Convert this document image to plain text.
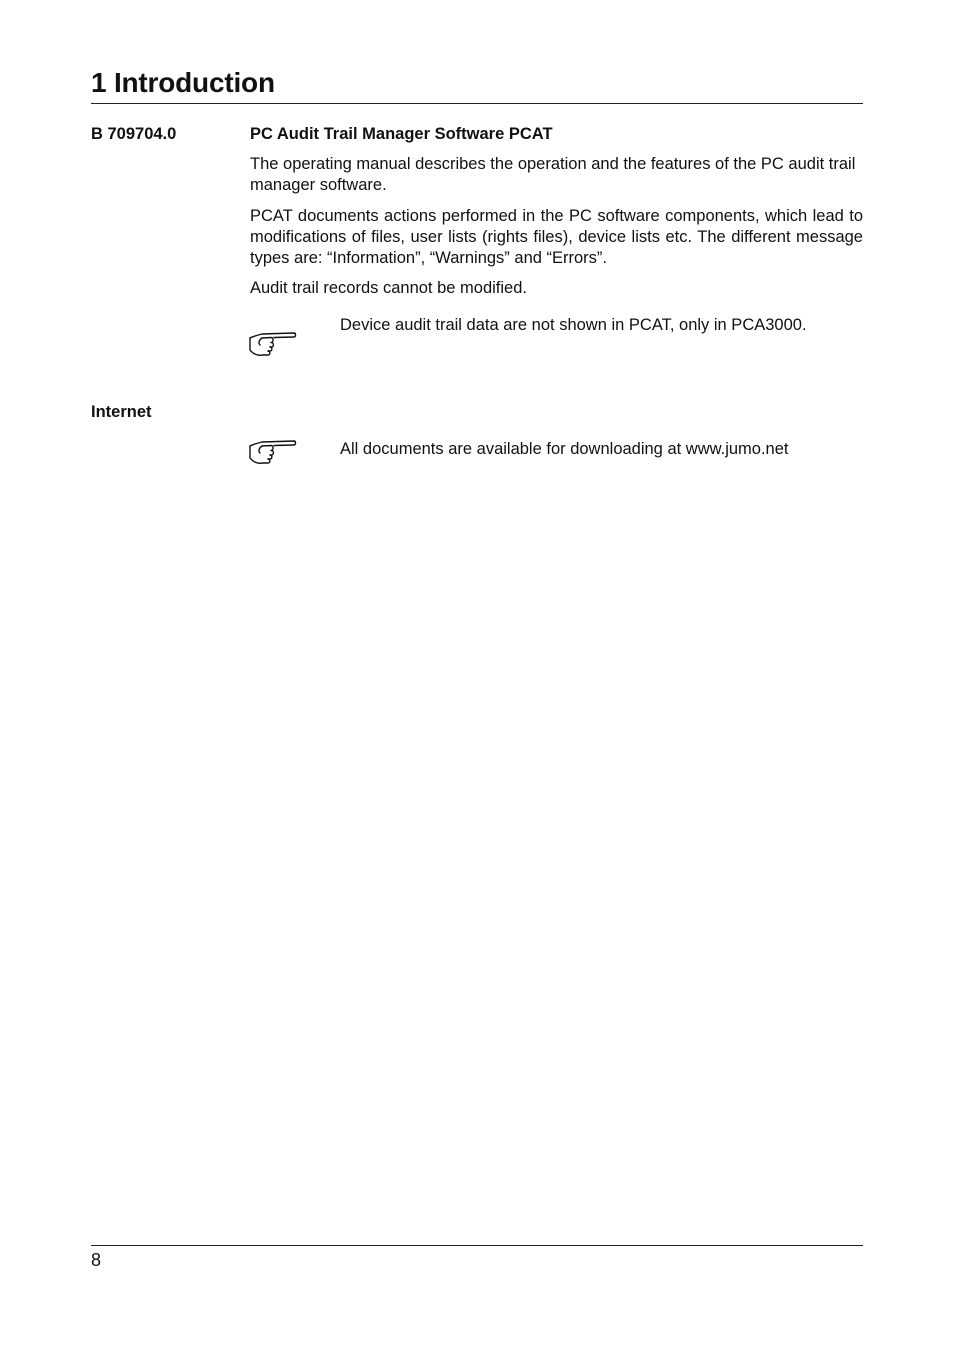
1 Introduction

B 709704.0	PC Audit Trail Manager Software PCAT

The operating manual describes the operation and the features of the PC audit trail manager software.

PCAT documents actions performed in the PC software components, which lead to modifications of files, user lists (rights files), device lists etc. The different message types are: “Information”, “Warnings” and “Errors”.

Audit trail records cannot be modified.

Device audit trail data are not shown in PCAT, only in PCA3000.

Internet

All documents are available for downloading at www.jumo.net

8
